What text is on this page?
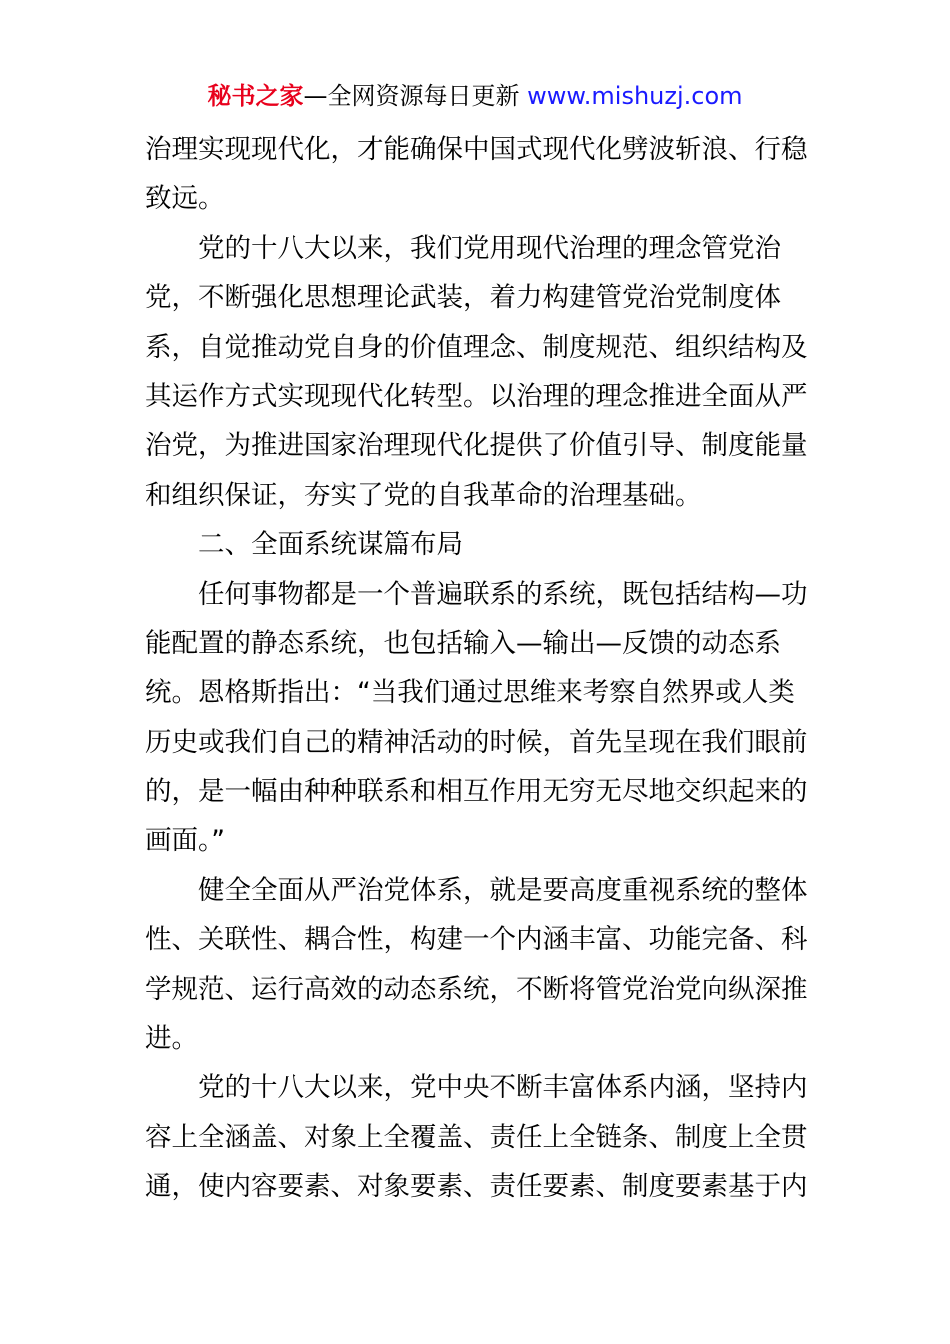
秘书之家—全网资源每日更新 www.mishuzj.com
治理实现现代化，才能确保中国式现代化劈波斩浪、行稳
致远。
党的十八大以来，我们党用现代治理的理念管党治
党，不断强化思想理论武装，着力构建管党治党制度体
系，自觉推动党自身的价值理念、制度规范、组织结构及
其运作方式实现现代化转型。以治理的理念推进全面从严
治党，为推进国家治理现代化提供了价值引导、制度能量
和组织保证，夯实了党的自我革命的治理基础。
二、全面系统谋篇布局
任何事物都是一个普遍联系的系统，既包括结构—功
能配置的静态系统，也包括输入—输出—反馈的动态系
统。恩格斯指出：“当我们通过思维来考察自然界或人类
历史或我们自己的精神活动的时候，首先呈现在我们眼前
的，是一幅由种种联系和相互作用无穷无尽地交织起来的
画面。”
健全全面从严治党体系，就是要高度重视系统的整体
性、关联性、耦合性，构建一个内涵丰富、功能完备、科
学规范、运行高效的动态系统，不断将管党治党向纵深推
进。
党的十八大以来，党中央不断丰富体系内涵，坚持内
容上全涵盖、对象上全覆盖、责任上全链条、制度上全贯
通，使内容要素、对象要素、责任要素、制度要素基于内
